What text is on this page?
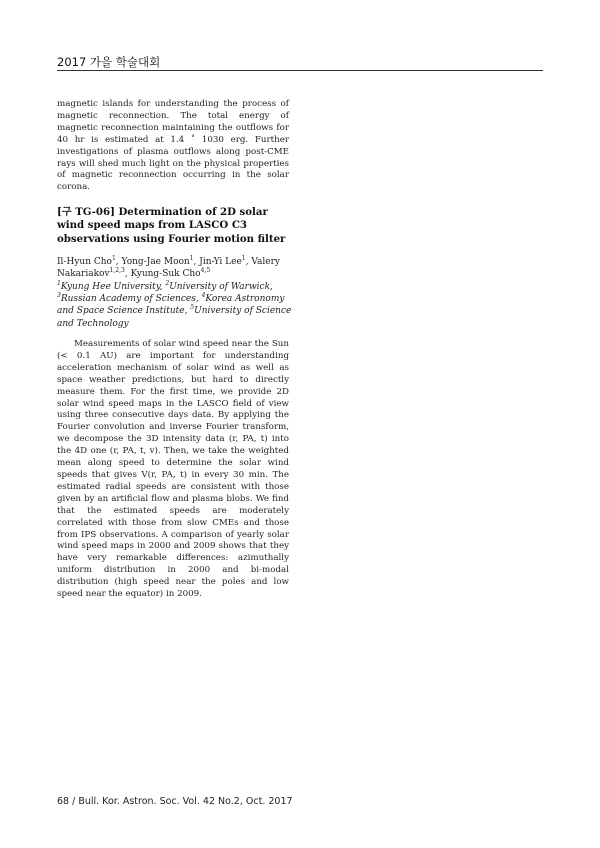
2017 가을 학술대회

magnetic islands for understanding the process of magnetic reconnection. The total energy of magnetic reconnection maintaining the outflows for 40 hr is estimated at 1.4 ˚ 1030 erg. Further investigations of plasma outflows along post-CME rays will shed much light on the physical properties of magnetic reconnection occurring in the solar corona.

[구 TG-06] Determination of 2D solar wind speed maps from LASCO C3 observations using Fourier motion filter

Il-Hyun Cho$^1$, Yong-Jae Moon$^1$, Jin-Yi Lee$^1$, Valery Nakariakov$^{1,2,3}$, Kyung-Suk Cho$^{4,5}$

$^1$Kyung Hee University, $^2$University of Warwick, $^3$Russian Academy of Sciences, $^4$Korea Astronomy and Space Science Institute, $^5$University of Science and Technology

Measurements of solar wind speed near the Sun (< 0.1 AU) are important for understanding acceleration mechanism of solar wind as well as space weather predictions, but hard to directly measure them. For the first time, we provide 2D solar wind speed maps in the LASCO field of view using three consecutive days data. By applying the Fourier convolution and inverse Fourier transform, we decompose the 3D intensity data (r, PA, t) into the 4D one (r, PA, t, v). Then, we take the weighted mean along speed to determine the solar wind speeds that gives V(r, PA, t) in every 30 min. The estimated radial speeds are consistent with those given by an artificial flow and plasma blobs. We find that the estimated speeds are moderately correlated with those from slow CMEs and those from IPS observations. A comparison of yearly solar wind speed maps in 2000 and 2009 shows that they have very remarkable differences: azimuthally uniform distribution in 2000 and bi-modal distribution (high speed near the poles and low speed near the equator) in 2009.

68 / Bull. Kor. Astron. Soc. Vol. 42 No.2, Oct. 2017
